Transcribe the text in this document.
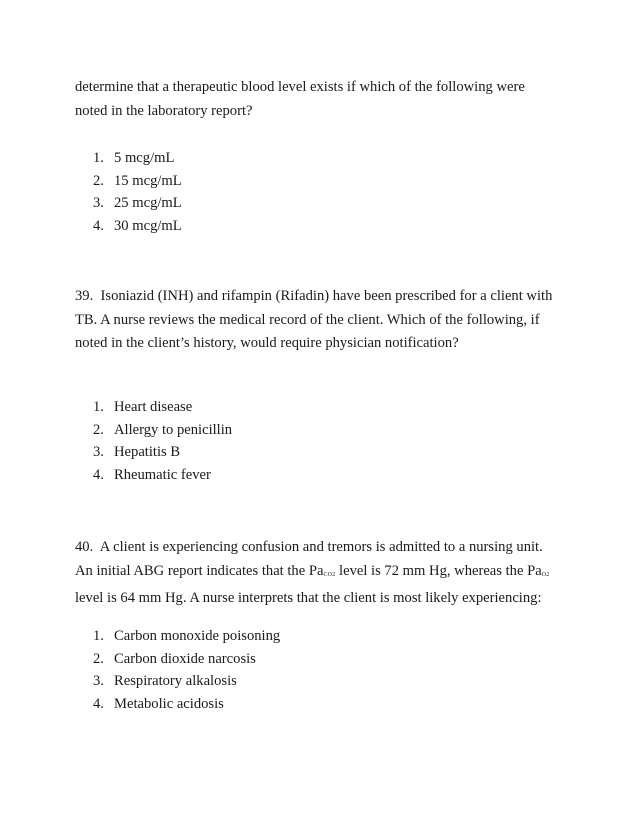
determine that a therapeutic blood level exists if which of the following were noted in the laboratory report?

1. 5 mcg/mL
2. 15 mcg/mL
3. 25 mcg/mL
4. 30 mcg/mL

39. Isoniazid (INH) and rifampin (Rifadin) have been prescribed for a client with TB. A nurse reviews the medical record of the client. Which of the following, if noted in the client’s history, would require physician notification?

1. Heart disease
2. Allergy to penicillin
3. Hepatitis B
4. Rheumatic fever

40. A client is experiencing confusion and tremors is admitted to a nursing unit. An initial ABG report indicates that the PaCO2 level is 72 mm Hg, whereas the PaO2 level is 64 mm Hg. A nurse interprets that the client is most likely experiencing:

1. Carbon monoxide poisoning
2. Carbon dioxide narcosis
3. Respiratory alkalosis
4. Metabolic acidosis
